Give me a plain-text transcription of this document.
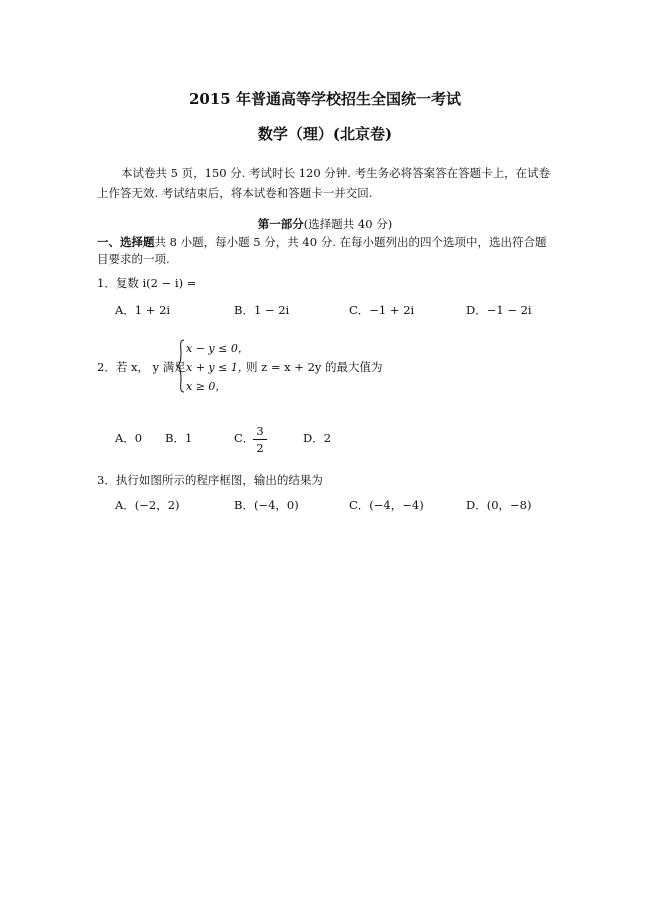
2015 年普通高等学校招生全国统一考试
数学（理）(北京卷)
本试卷共 5 页，150 分. 考试时长 120 分钟. 考生务必将答案答在答题卡上，在试卷上作答无效. 考试结束后，将本试卷和答题卡一并交回.
第一部分(选择题共 40 分)
一、选择题共 8 小题，每小题 5 分，共 40 分. 在每小题列出的四个选项中，选出符合题目要求的一项.
1．复数 i(2 − i) =
A．1 + 2i	B．1 − 2i	C．−1 + 2i	D．−1 − 2i
2．若 x， y 满足
x − y ≤ 0，
x + y ≤ 1，
x ≥ 0，
则 z = x + 2y 的最大值为
A．0 B．1	C． 3
2
D．2
3．执行如图所示的程序框图，输出的结果为
A．(−2，2)	B．(−4，0)	C．(−4，−4)	D．(0，−8)
